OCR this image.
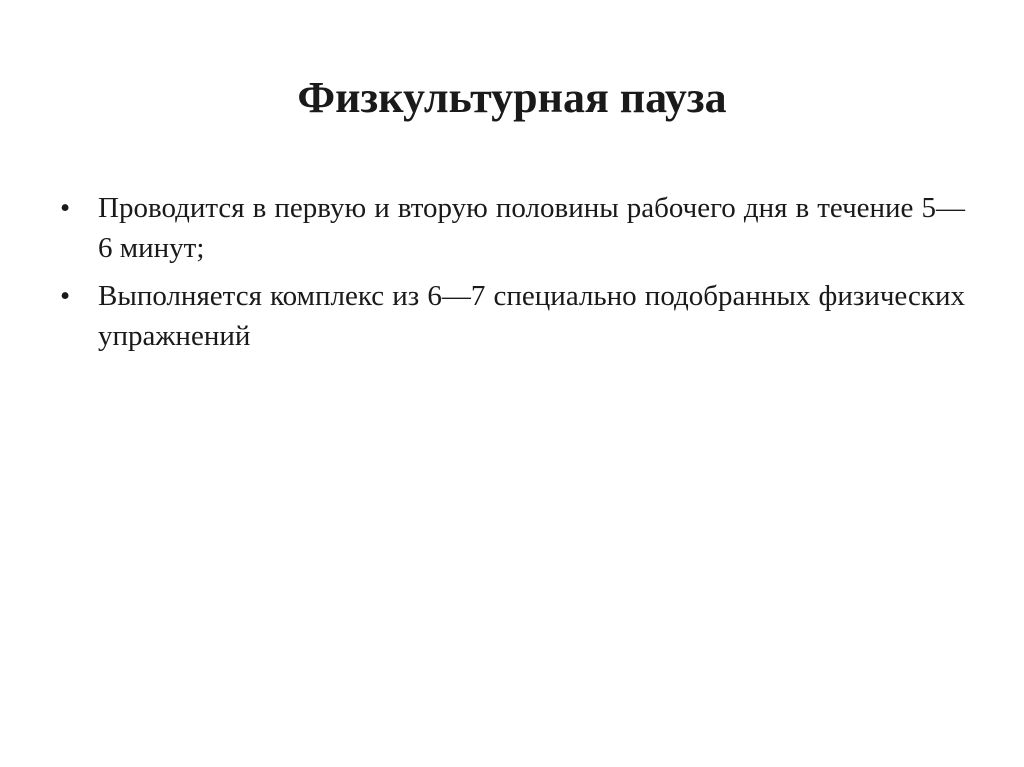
Физкультурная пауза
• Проводится в первую и вторую половины рабочего дня в течение 5—6 минут;
• Выполняется комплекс из 6—7 специально подобранных физических упражнений
